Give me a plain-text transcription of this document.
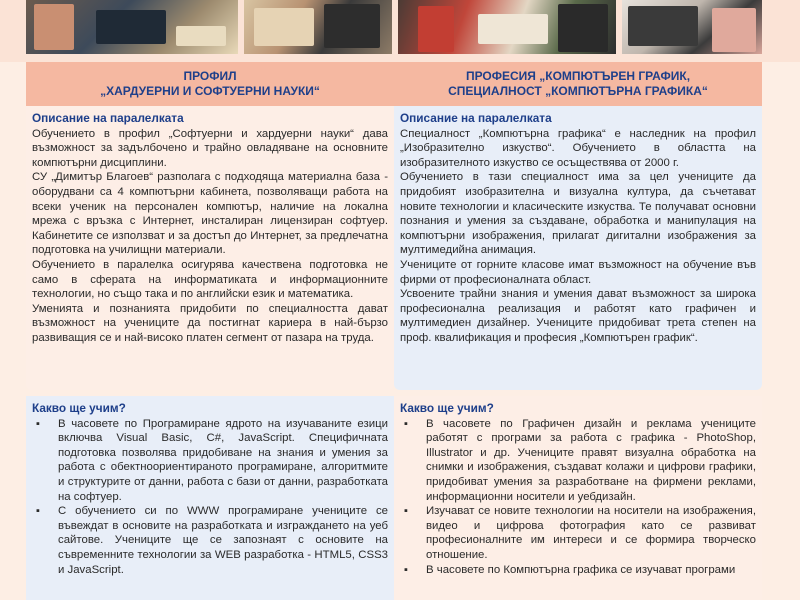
ПРОФИЛ
„ХАРДУЕРНИ И СОФТУЕРНИ НАУКИ“
ПРОФЕСИЯ „КОМПЮТЪРЕН ГРАФИК,
СПЕЦИАЛНОСТ „КОМПЮТЪРНА ГРАФИКА“
Описание на паралелката

Обучението в профил „Софтуерни и хардуерни науки“ дава възможност за задълбочено и трайно овладяване на основните компютърни дисциплини.

СУ „Димитър Благоев“ разполага с подходяща материална база - оборудвани са 4 компютърни кабинета, позволяващи работа на всеки ученик на персонален компютър, наличие на локална мрежа с връзка с Интернет, инсталиран лицензиран софтуер. Кабинетите се използват и за достъп до Интернет, за предлечатна подготовка на училищни материали.

Обучението в паралелка осигурява качествена подготовка не само в сферата на информатиката и информационните технологии, но също така и по английски език и математика.

Уменията и познанията придобити по специалността дават възможност на учениците да постигнат кариера в най-бързо развиващия се и най-високо платен сегмент от пазара на труда.

Описание на паралелката

Специалност „Компютърна графика“ е наследник на профил „Изобразително изкуство“. Обучението в областта на изобразителното изкуство се осъществява от 2000 г.

Обучението в тази специалност има за цел учениците да придобият изобразителна и визуална култура, да съчетават новите технологии и класическите изкуства. Те получават основни познания и умения за създаване, обработка и манипулация на компютърни изображения, прилагат дигитални изображения за мултимедийна анимация.

Учениците от горните класове имат възможност на обучение във фирми от професионалната област.

Усвоените трайни знания и умения дават възможност за широка професионална реализация и работят като графичен и мултимедиен дизайнер. Учениците придобиват трета степен на проф. квалификация и професия „Компютърен график“.

Какво ще учим?
▪ В часовете по Програмиране ядрото на изучаваните езици включва Visual Basic, C#, JavaScript. Специфичната подготовка позволява придобиване на знания и умения за работа с обектноориентираното програмиране, алгоритмите и структурите от данни, работа с бази от данни, разработката на софтуер.
▪ С обучението си по WWW програмиране учениците се въвеждат в основите на разработката и изграждането на уеб сайтове. Учениците ще се запознаят с основите на съвременните технологии за WEB разработка - HTML5, CSS3 и JavaScript.
Какво ще учим?
▪ В часовете по Графичен дизайн и реклама учениците работят с програми за работа с графика - PhotoShop, Illustrator и др. Учениците правят визуална обработка на снимки и изображения, създават колажи и цифрови графики, придобиват умения за разработване на фирмени реклами, информационни носители и уебдизайн.
▪ Изучават се новите технологии на носители на изображения, видео и цифрова фотография като се развиват професионалните им интереси и се формира творческо отношение.
▪ В часовете по Компютърна графика се изучават програми
